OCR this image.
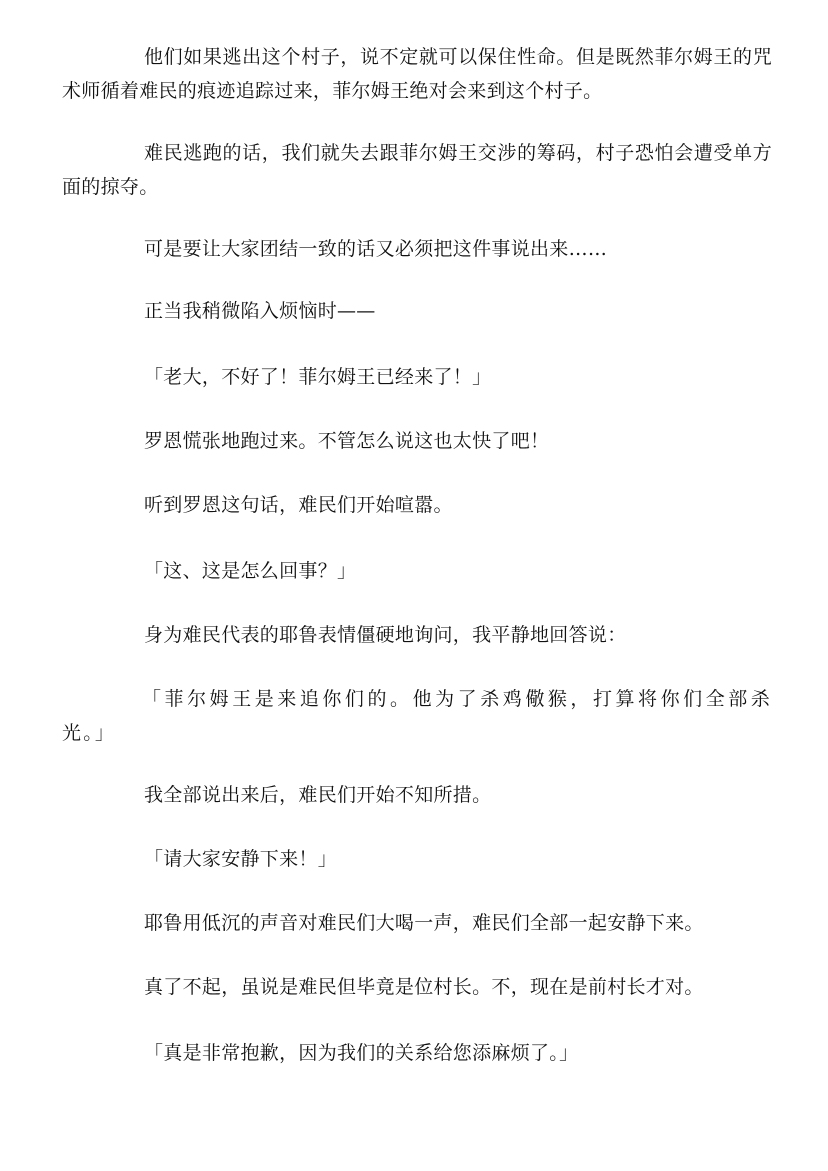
他们如果逃出这个村子，说不定就可以保住性命。但是既然菲尔姆王的咒术师循着难民的痕迹追踪过来，菲尔姆王绝对会来到这个村子。

难民逃跑的话，我们就失去跟菲尔姆王交涉的筹码，村子恐怕会遭受单方面的掠夺。

可是要让大家团结一致的话又必须把这件事说出来……

正当我稍微陷入烦恼时——

「老大，不好了！菲尔姆王已经来了！」

罗恩慌张地跑过来。不管怎么说这也太快了吧！

听到罗恩这句话，难民们开始喧嚣。

「这、这是怎么回事？」

身为难民代表的耶鲁表情僵硬地询问，我平静地回答说：

「菲尔姆王是来追你们的。他为了杀鸡儆猴，打算将你们全部杀光。」

我全部说出来后，难民们开始不知所措。

「请大家安静下来！」

耶鲁用低沉的声音对难民们大喝一声，难民们全部一起安静下来。

真了不起，虽说是难民但毕竟是位村长。不，现在是前村长才对。

「真是非常抱歉，因为我们的关系给您添麻烦了。」
